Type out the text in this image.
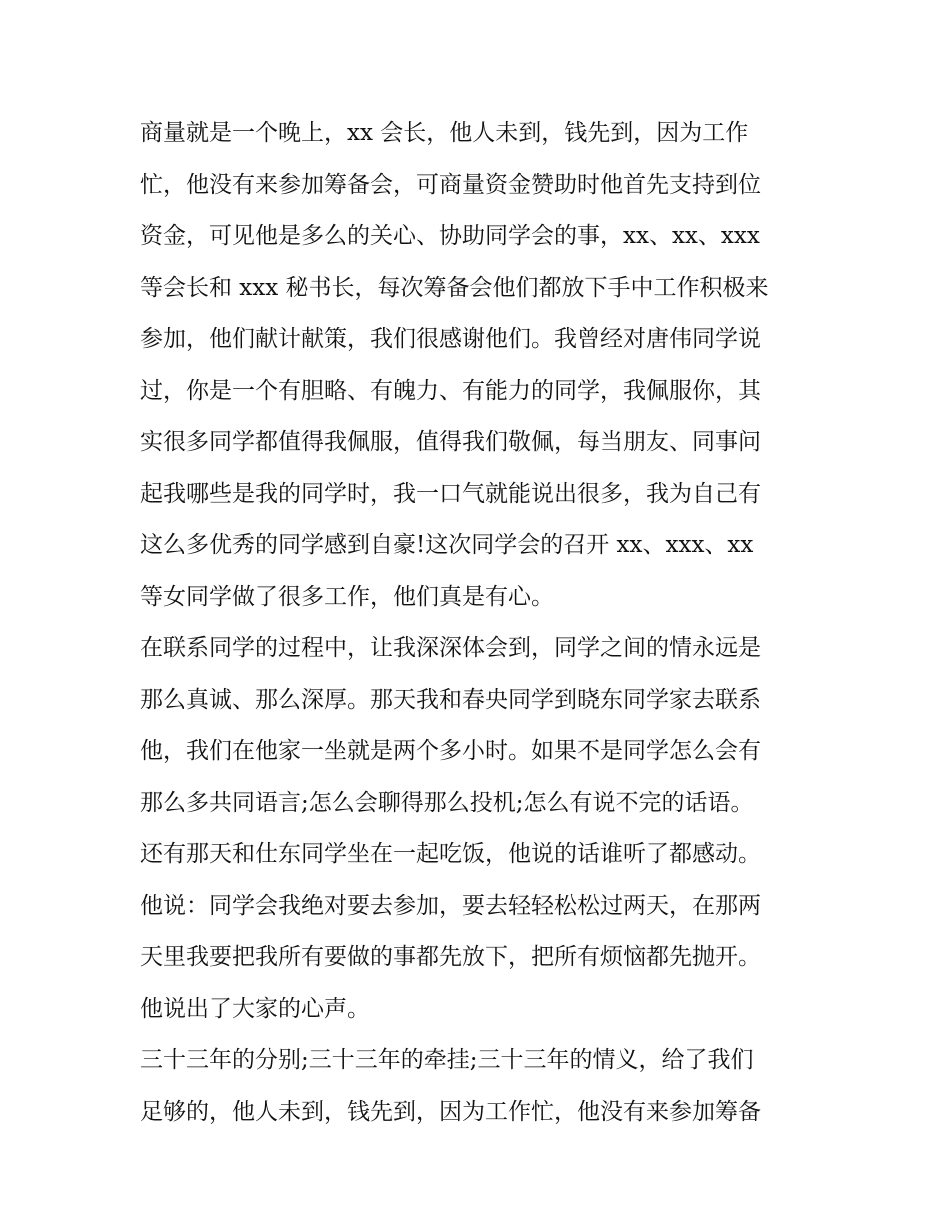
商量就是一个晚上，xx 会长，他人未到，钱先到，因为工作
忙，他没有来参加筹备会，可商量资金赞助时他首先支持到位
资金，可见他是多么的关心、协助同学会的事，xx、xx、xxx
等会长和 xxx 秘书长，每次筹备会他们都放下手中工作积极来
参加，他们献计献策，我们很感谢他们。我曾经对唐伟同学说
过，你是一个有胆略、有魄力、有能力的同学，我佩服你，其
实很多同学都值得我佩服，值得我们敬佩，每当朋友、同事问
起我哪些是我的同学时，我一口气就能说出很多，我为自己有
这么多优秀的同学感到自豪!这次同学会的召开 xx、xxx、xx
等女同学做了很多工作，他们真是有心。
在联系同学的过程中，让我深深体会到，同学之间的情永远是
那么真诚、那么深厚。那天我和春央同学到晓东同学家去联系
他，我们在他家一坐就是两个多小时。如果不是同学怎么会有
那么多共同语言;怎么会聊得那么投机;怎么有说不完的话语。
还有那天和仕东同学坐在一起吃饭，他说的话谁听了都感动。
他说：同学会我绝对要去参加，要去轻轻松松过两天，在那两
天里我要把我所有要做的事都先放下，把所有烦恼都先抛开。
他说出了大家的心声。
三十三年的分别;三十三年的牵挂;三十三年的情义，给了我们
足够的，他人未到，钱先到，因为工作忙，他没有来参加筹备
